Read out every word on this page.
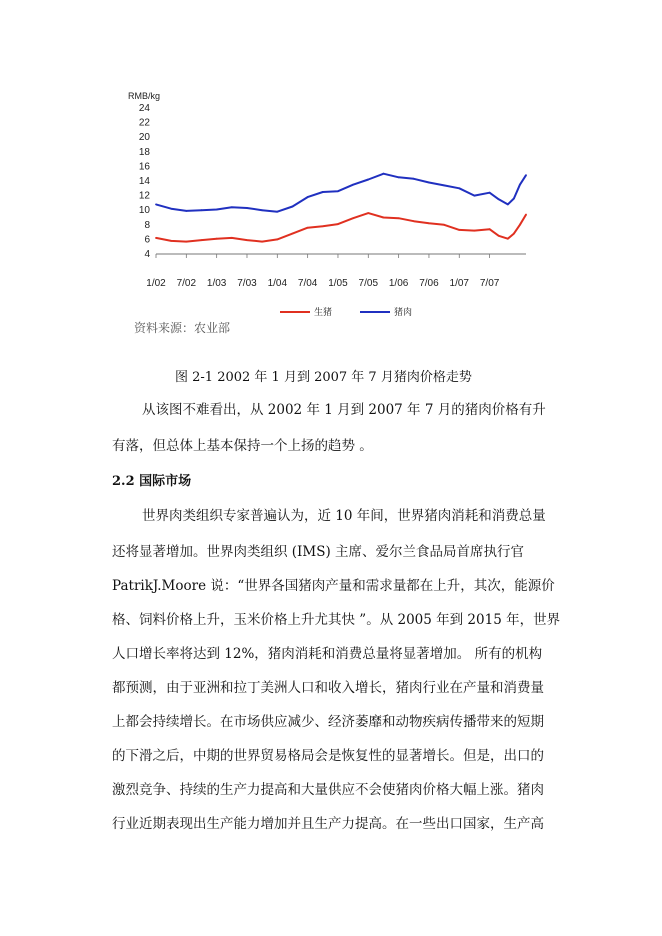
RMB/kg
24
22
20
18
16
14
12
10
8
6
4
1/02 7/02 1/03 7/03 1/04 7/04 1/05 7/05 1/06 7/06 1/07 7/07
生猪	猪肉
资料来源：农业部
图 2-1 2002 年 1 月到 2007 年 7 月猪肉价格走势
从该图不难看出，从 2002 年 1 月到 2007 年 7 月的猪肉价格有升
有落，但总体上基本保持一个上扬的趋势 。
2.2 国际市场
世界肉类组织专家普遍认为，近 10 年间，世界猪肉消耗和消费总量
还将显著增加。世界肉类组织 (IMS) 主席、爱尔兰食品局首席执行官
PatrikJ.Moore 说：“世界各国猪肉产量和需求量都在上升，其次，能源价
格、饲料价格上升，玉米价格上升尤其快 ”。从 2005 年到 2015 年，世界
人口增长率将达到 12%，猪肉消耗和消费总量将显著增加。 所有的机构
都预测，由于亚洲和拉丁美洲人口和收入增长，猪肉行业在产量和消费量
上都会持续增长。在市场供应减少、经济萎靡和动物疾病传播带来的短期
的下滑之后，中期的世界贸易格局会是恢复性的显著增长。但是，出口的
激烈竞争、持续的生产力提高和大量供应不会使猪肉价格大幅上涨。猪肉
行业近期表现出生产能力增加并且生产力提高。在一些出口国家，生产高
